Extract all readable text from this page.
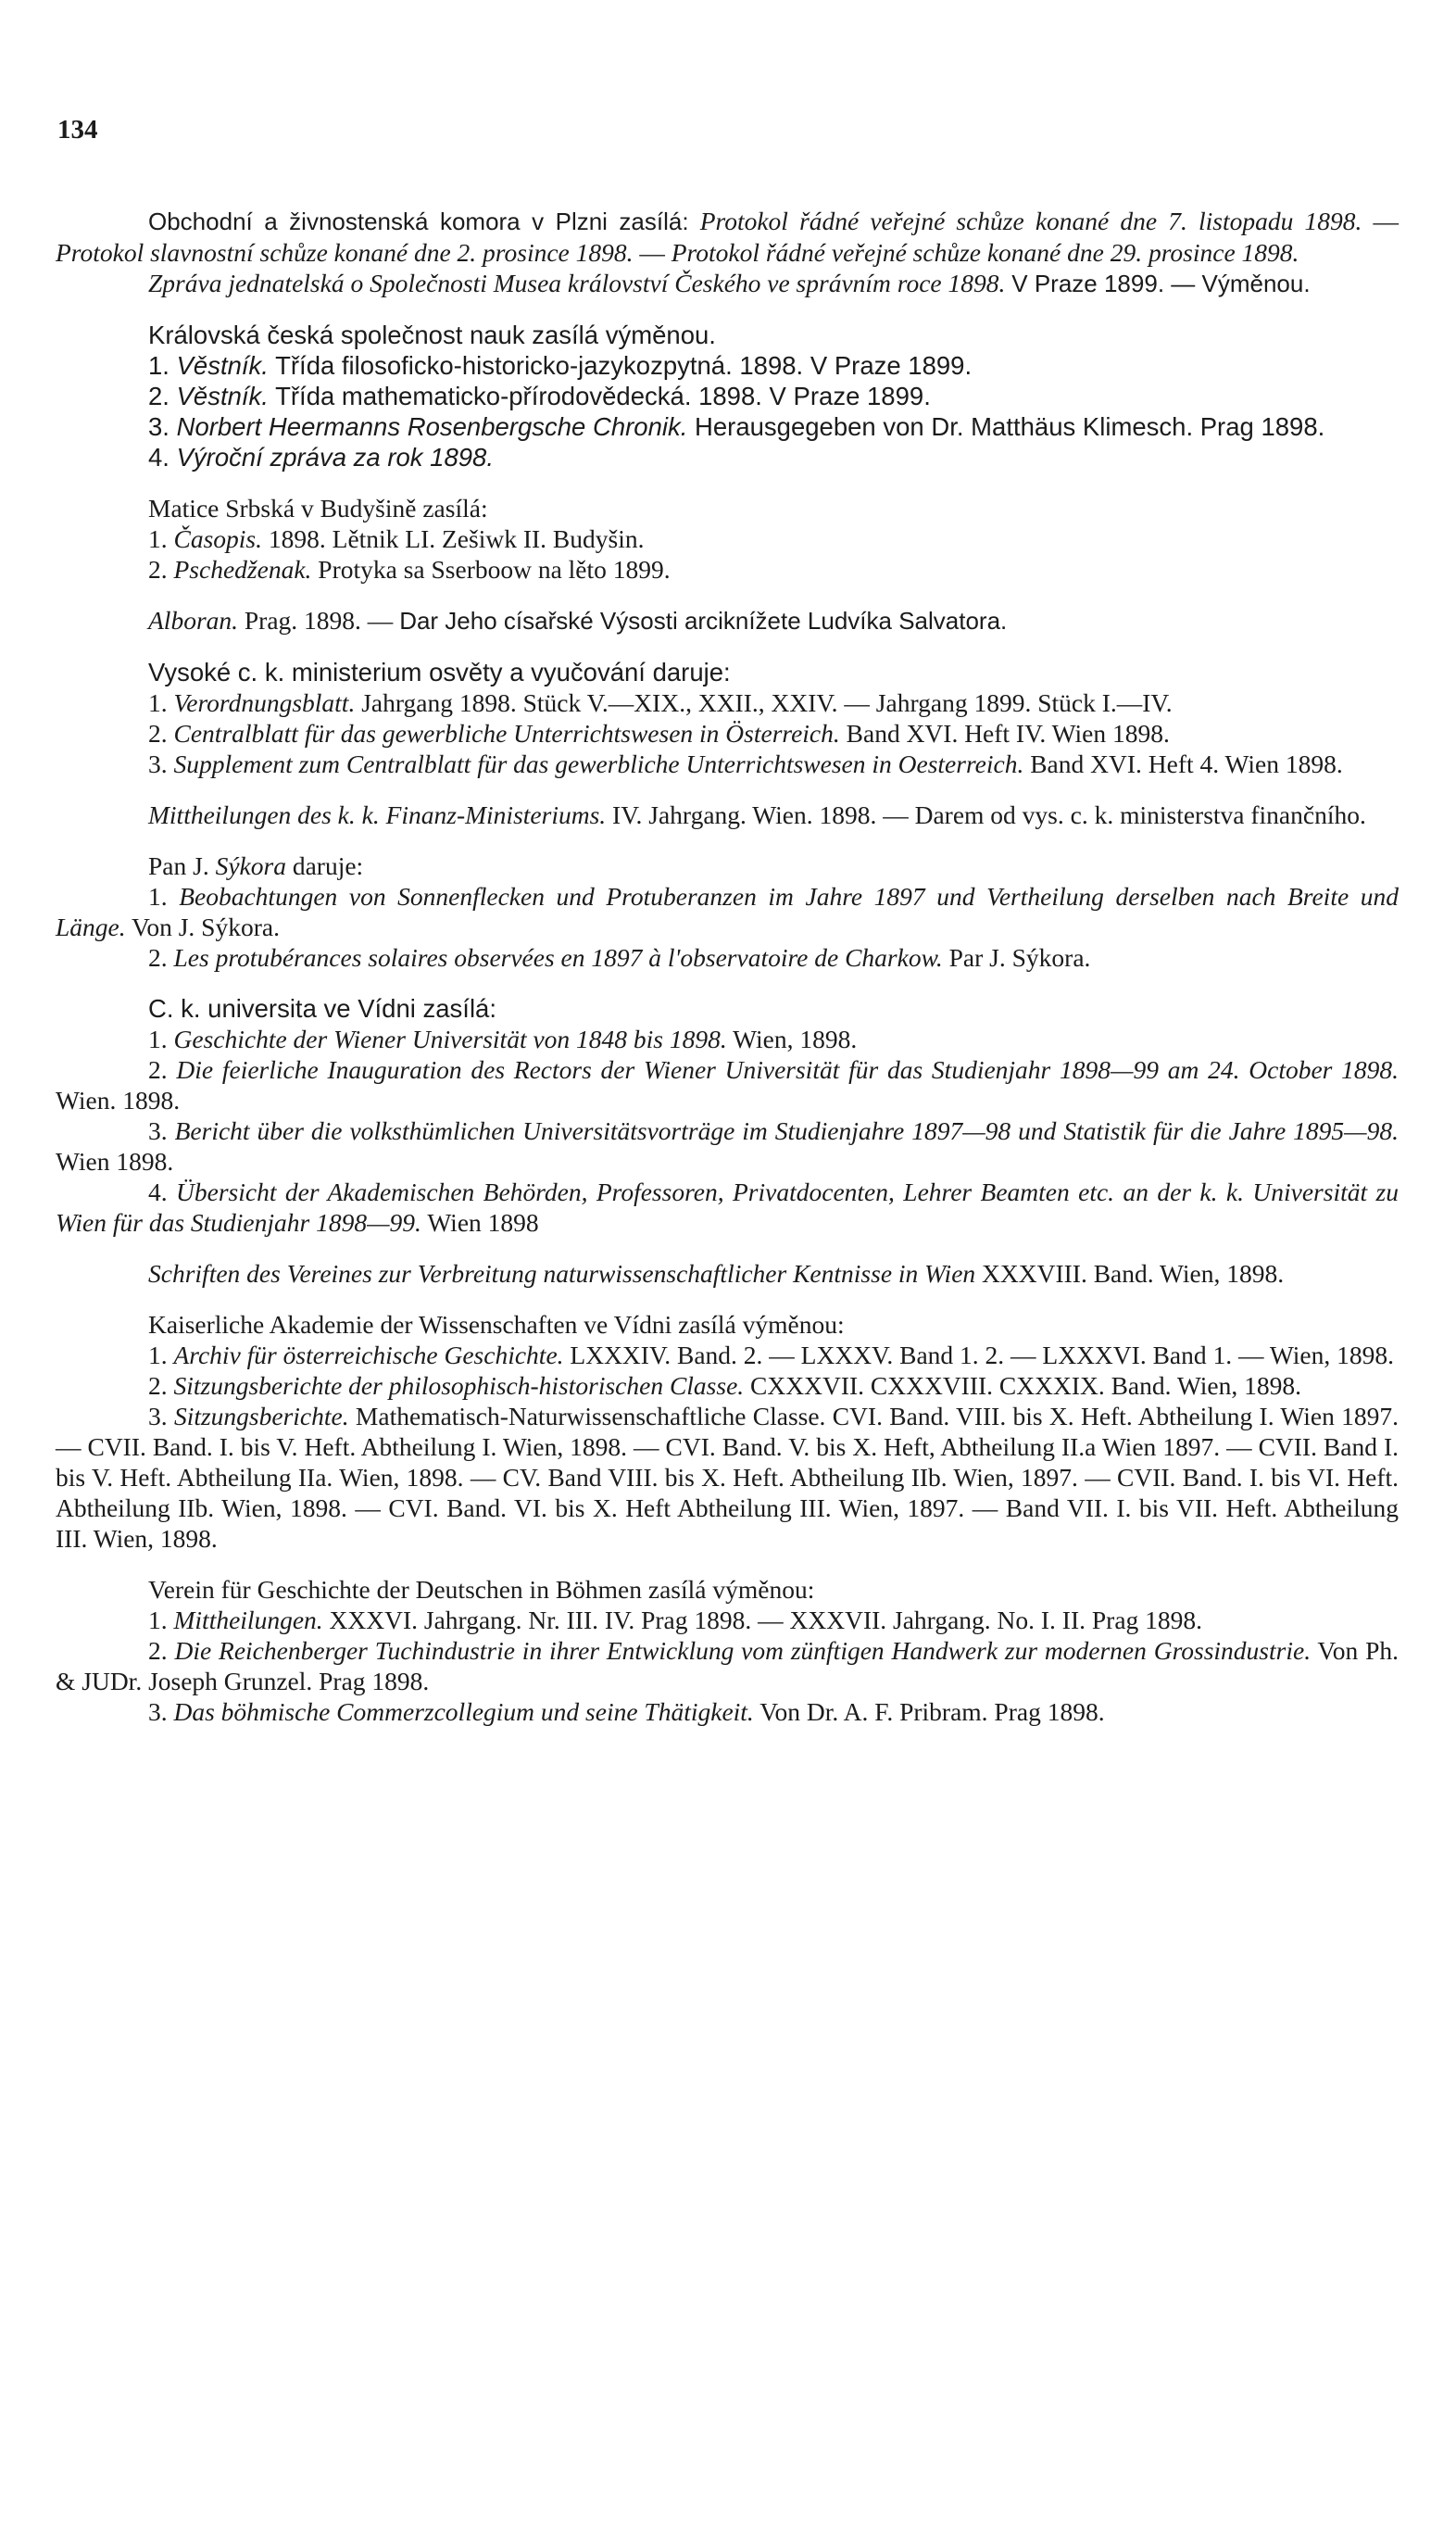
134

Obchodní a živnostenská komora v Plzni zasílá: Protokol řádné veřejné schůze konané dne 7. listopadu 1898. — Protokol slavnostní schůze konané dne 2. prosince 1898. — Protokol řádné veřejné schůze konané dne 29. prosince 1898.

Zpráva jednatelská o Společnosti Musea království Českého ve správním roce 1898. V Praze 1899. — Výměnou.

Královská česká společnost nauk zasílá výměnou.

1. Věstník. Třída filosoficko-historicko-jazykozpytná. 1898. V Praze 1899.

2. Věstník. Třída mathematicko-přírodovědecká. 1898. V Praze 1899.

3. Norbert Heermanns Rosenbergsche Chronik. Herausgegeben von Dr. Matthäus Klimesch. Prag 1898.

4. Výroční zpráva za rok 1898.

Matice Srbská v Budyšině zasílá:

1. Časopis. 1898. Lětnik LI. Zešiwk II. Budyšin.

2. Pschedženak. Protyka sa Sserboow na lěto 1899.

Alboran. Prag. 1898. — Dar Jeho císařské Výsosti arciknížete Ludvíka Salvatora.

Vysoké c. k. ministerium osvěty a vyučování daruje:

1. Verordnungsblatt. Jahrgang 1898. Stück V.—XIX., XXII., XXIV. — Jahrgang 1899. Stück I.—IV.

2. Centralblatt für das gewerbliche Unterrichtswesen in Österreich. Band XVI. Heft IV. Wien 1898.

3. Supplement zum Centralblatt für das gewerbliche Unterrichtswesen in Oesterreich. Band XVI. Heft 4. Wien 1898.

Mittheilungen des k. k. Finanz-Ministeriums. IV. Jahrgang. Wien. 1898. — Darem od vys. c. k. ministerstva finančního.

Pan J. Sýkora daruje:

1. Beobachtungen von Sonnenflecken und Protuberanzen im Jahre 1897 und Vertheilung derselben nach Breite und Länge. Von J. Sýkora.

2. Les protubérances solaires observées en 1897 à l'observatoire de Charkow. Par J. Sýkora.

C. k. universita ve Vídni zasílá:

1. Geschichte der Wiener Universität von 1848 bis 1898. Wien, 1898.

2. Die feierliche Inauguration des Rectors der Wiener Universität für das Studienjahr 1898—99 am 24. October 1898. Wien. 1898.

3. Bericht über die volksthümlichen Universitätsvorträge im Studienjahre 1897—98 und Statistik für die Jahre 1895—98. Wien 1898.

4. Übersicht der Akademischen Behörden, Professoren, Privatdocenten, Lehrer Beamten etc. an der k. k. Universität zu Wien für das Studienjahr 1898—99. Wien 1898

Schriften des Vereines zur Verbreitung naturwissenschaftlicher Kentnisse in Wien XXXVIII. Band. Wien, 1898.

Kaiserliche Akademie der Wissenschaften ve Vídni zasílá výměnou:

1. Archiv für österreichische Geschichte. LXXXIV. Band. 2. — LXXXV. Band 1. 2. — LXXXVI. Band 1. — Wien, 1898.

2. Sitzungsberichte der philosophisch-historischen Classe. CXXXVII. CXXXVIII. CXXXIX. Band. Wien, 1898.

3. Sitzungsberichte. Mathematisch-Naturwissenschaftliche Classe. CVI. Band. VIII. bis X. Heft. Abtheilung I. Wien 1897. — CVII. Band. I. bis V. Heft. Abtheilung I. Wien, 1898. — CVI. Band. V. bis X. Heft, Abtheilung II.a Wien 1897. — CVII. Band I. bis V. Heft. Abtheilung IIa. Wien, 1898. — CV. Band VIII. bis X. Heft. Abtheilung IIb. Wien, 1897. — CVII. Band. I. bis VI. Heft. Abtheilung IIb. Wien, 1898. — CVI. Band. VI. bis X. Heft Abtheilung III. Wien, 1897. — Band VII. I. bis VII. Heft. Abtheilung III. Wien, 1898.

Verein für Geschichte der Deutschen in Böhmen zasílá výměnou:

1. Mittheilungen. XXXVI. Jahrgang. Nr. III. IV. Prag 1898. — XXXVII. Jahrgang. No. I. II. Prag 1898.

2. Die Reichenberger Tuchindustrie in ihrer Entwicklung vom zünftigen Handwerk zur modernen Grossindustrie. Von Ph. & JUDr. Joseph Grunzel. Prag 1898.

3. Das böhmische Commerzcollegium und seine Thätigkeit. Von Dr. A. F. Pribram. Prag 1898.
